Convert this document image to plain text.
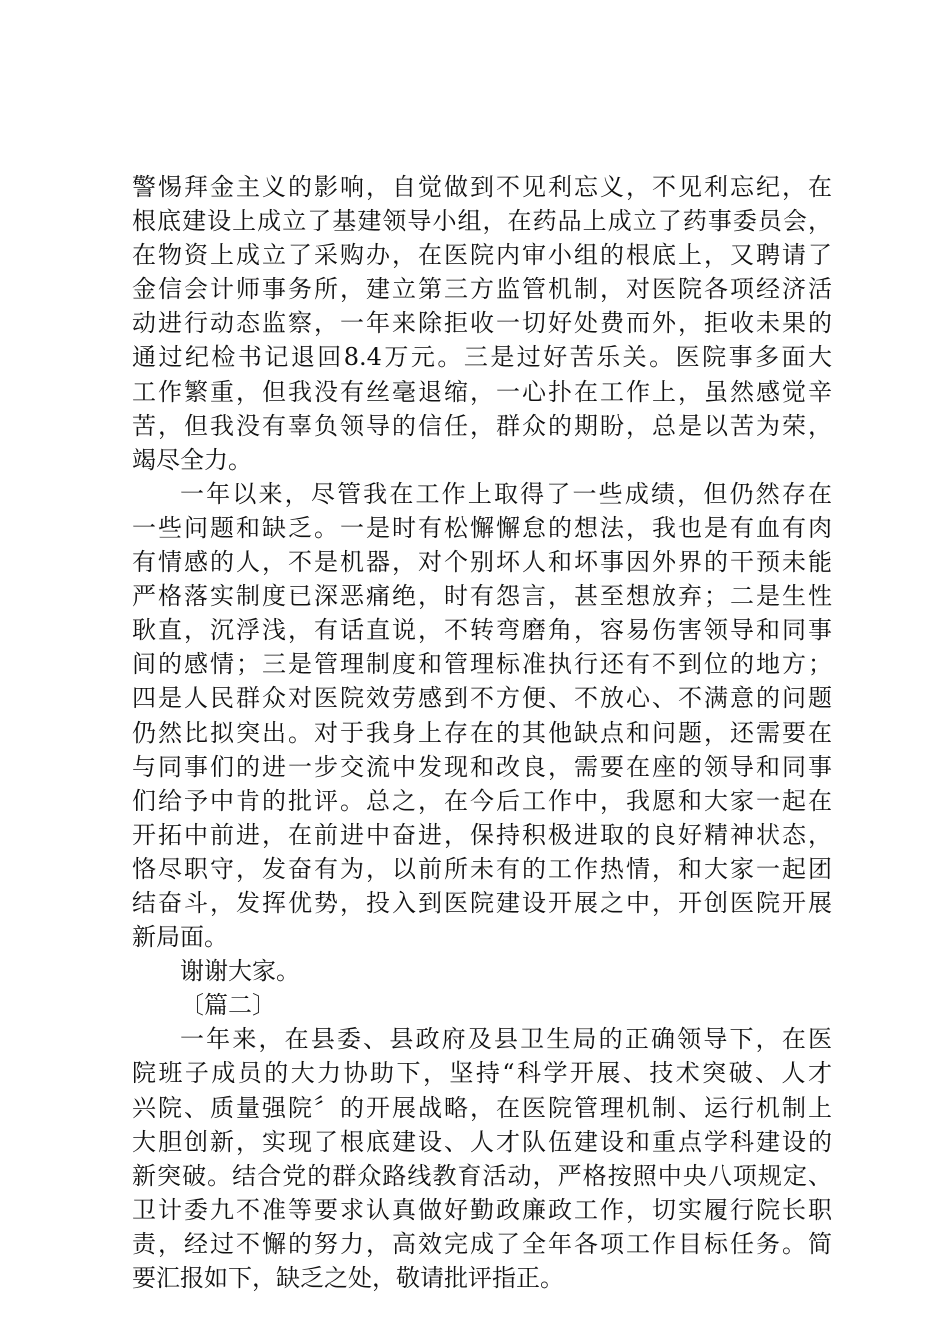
警惕拜金主义的影响，自觉做到不见利忘义，不见利忘纪，在
根底建设上成立了基建领导小组，在药品上成立了药事委员会，
在物资上成立了采购办，在医院内审小组的根底上，又聘请了
金信会计师事务所，建立第三方监管机制，对医院各项经济活
动进行动态监察，一年来除拒收一切好处费而外，拒收未果的
通过纪检书记退回8.4万元。三是过好苦乐关。医院事多面大
工作繁重，但我没有丝毫退缩，一心扑在工作上，虽然感觉辛
苦，但我没有辜负领导的信任，群众的期盼，总是以苦为荣，
竭尽全力。
一年以来，尽管我在工作上取得了一些成绩，但仍然存在
一些问题和缺乏。一是时有松懈懈怠的想法，我也是有血有肉
有情感的人，不是机器，对个别坏人和坏事因外界的干预未能
严格落实制度已深恶痛绝，时有怨言，甚至想放弃；二是生性
耿直，沉浮浅，有话直说，不转弯磨角，容易伤害领导和同事
间的感情；三是管理制度和管理标准执行还有不到位的地方；
四是人民群众对医院效劳感到不方便、不放心、不满意的问题
仍然比拟突出。对于我身上存在的其他缺点和问题，还需要在
与同事们的进一步交流中发现和改良，需要在座的领导和同事
们给予中肯的批评。总之，在今后工作中，我愿和大家一起在
开拓中前进，在前进中奋进，保持积极进取的良好精神状态，
恪尽职守，发奋有为，以前所未有的工作热情，和大家一起团
结奋斗，发挥优势，投入到医院建设开展之中，开创医院开展
新局面。
谢谢大家。
〔篇二〕
一年来，在县委、县政府及县卫生局的正确领导下，在医
院班子成员的大力协助下，坚持“科学开展、技术突破、人才
兴院、质量强院〞的开展战略，在医院管理机制、运行机制上
大胆创新，实现了根底建设、人才队伍建设和重点学科建设的
新突破。结合党的群众路线教育活动，严格按照中央八项规定、
卫计委九不准等要求认真做好勤政廉政工作，切实履行院长职
责，经过不懈的努力，高效完成了全年各项工作目标任务。简
要汇报如下，缺乏之处，敬请批评指正。
